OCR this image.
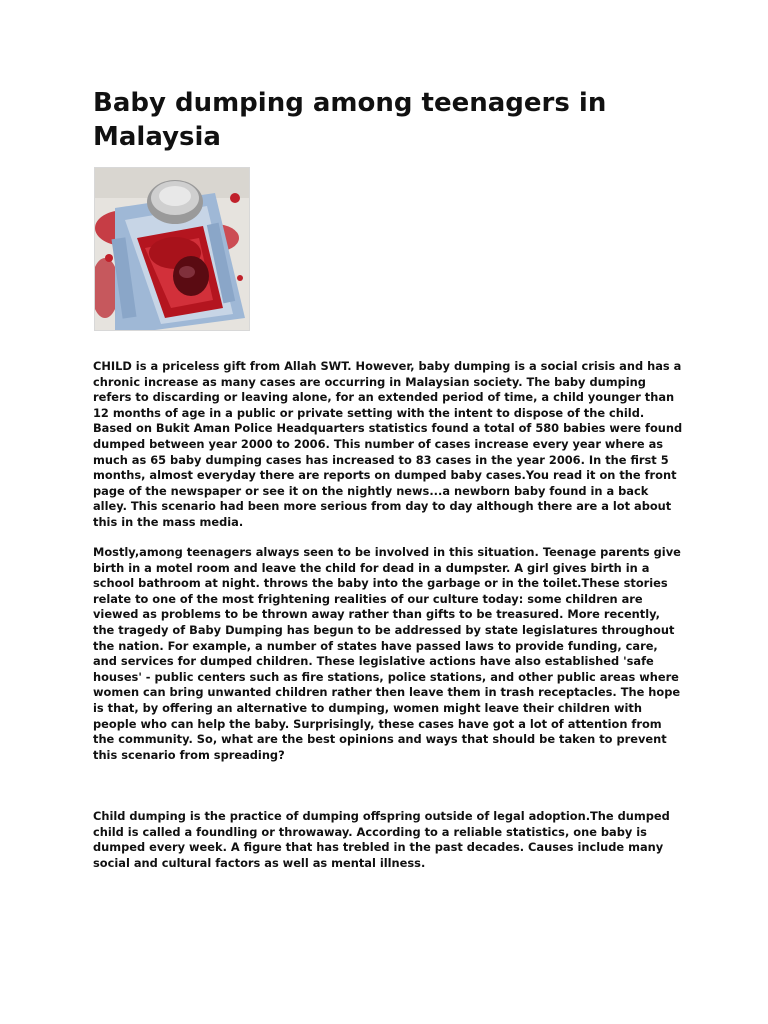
Baby dumping among teenagers in Malaysia

CHILD is a priceless gift from Allah SWT. However, baby dumping is a social crisis and has a chronic increase as many cases are occurring in Malaysian society. The baby dumping refers to discarding or leaving alone, for an extended period of time, a child younger than 12 months of age in a public or private setting with the intent to dispose of the child. Based on Bukit Aman Police Headquarters statistics found a total of 580 babies were found dumped between year 2000 to 2006. This number of cases increase every year where as much as 65 baby dumping cases has increased to 83 cases in the year 2006. In the first 5 months, almost everyday there are reports on dumped baby cases.You read it on the front page of the newspaper or see it on the nightly news...a newborn baby found in a back alley. This scenario had been more serious from day to day although there are a lot about this in the mass media.

Mostly,among teenagers always seen to be involved in this situation. Teenage parents give birth in a motel room and leave the child for dead in a dumpster. A girl gives birth in a school bathroom at night. throws the baby into the garbage or in the toilet.These stories relate to one of the most frightening realities of our culture today: some children are viewed as problems to be thrown away rather than gifts to be treasured. More recently, the tragedy of Baby Dumping has begun to be addressed by state legislatures throughout the nation. For example, a number of states have passed laws to provide funding, care, and services for dumped children. These legislative actions have also established 'safe houses' - public centers such as fire stations, police stations, and other public areas where women can bring unwanted children rather then leave them in trash receptacles. The hope is that, by offering an alternative to dumping, women might leave their children with people who can help the baby. Surprisingly, these cases have got a lot of attention from the community. So, what are the best opinions and ways that should be taken to prevent this scenario from spreading?

Child dumping is the practice of dumping offspring outside of legal adoption.The dumped child is called a foundling or throwaway. According to a reliable statistics, one baby is dumped every week. A figure that has trebled in the past decades. Causes include many social and cultural factors as well as mental illness.
